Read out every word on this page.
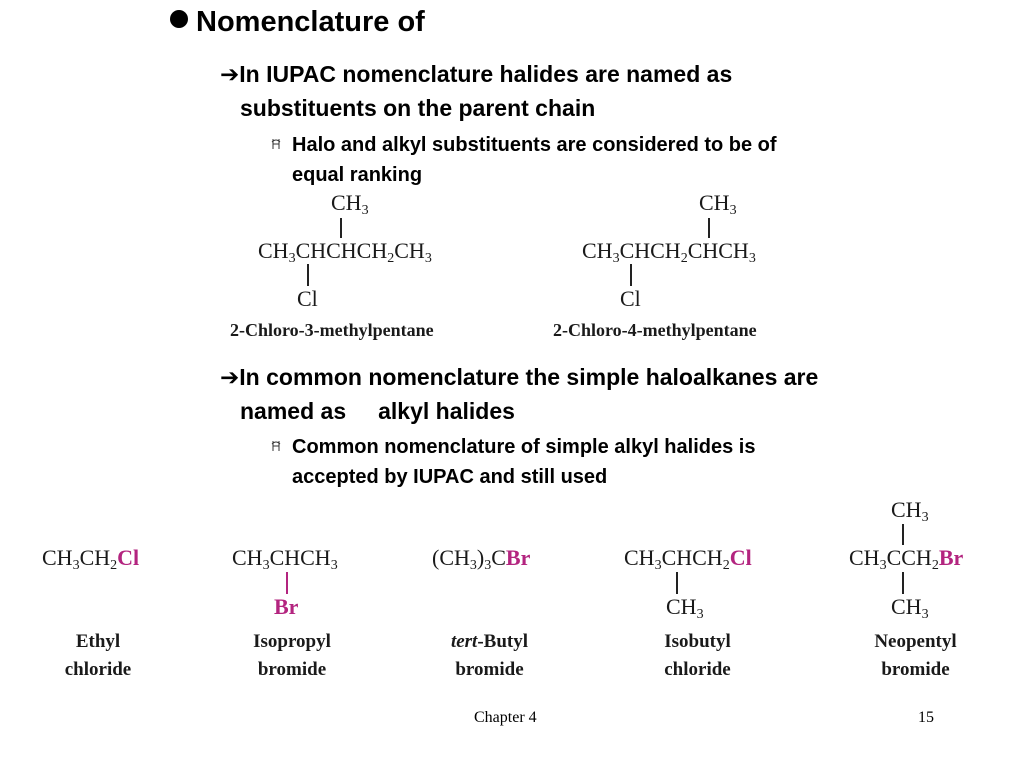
Nomenclature of
➔In IUPAC nomenclature halides are named as
substituents on the parent chain
Halo and alkyl substituents are considered to be of
equal ranking
$CH_3$
$CH_3CHCHCH_2CH_3$
Cl
2-Chloro-3-methylpentane
$CH_3$
$CH_3CHCH_2CHCH_3$
Cl
2-Chloro-4-methylpentane
➔In common nomenclature the simple haloalkanes are
named as alkyl halides
Common nomenclature of simple alkyl halides is
accepted by IUPAC and still used
$CH_3CH_2Cl$
Ethyl
chloride
$CH_3CHCH_3$
Br
Isopropyl
bromide
$(CH_3)_3CBr$
tert-Butyl
bromide
$CH_3CHCH_2Cl$
$CH_3$
Isobutyl
chloride
$CH_3$
$CH_3CCH_2Br$
$CH_3$
Neopentyl
bromide
Chapter 4	15
